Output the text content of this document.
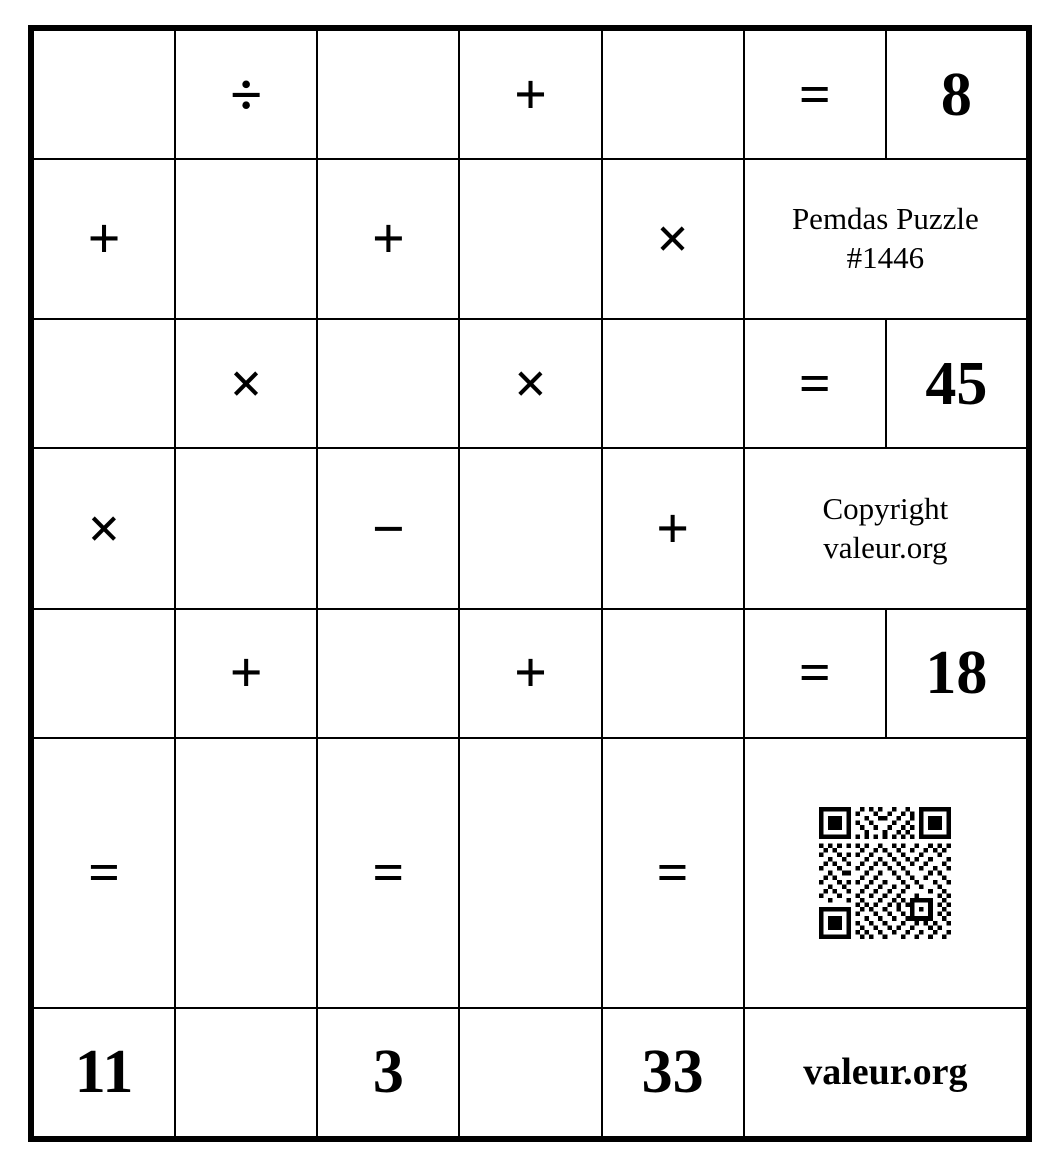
	÷		+		=	8
+		+		×	Pemdas Puzzle
#1446	

	×		×		=	45
×		−		+	Copyright
valeur.org	

	+		+		=	18
=		=		=	

11		3		33	valeur.org	
